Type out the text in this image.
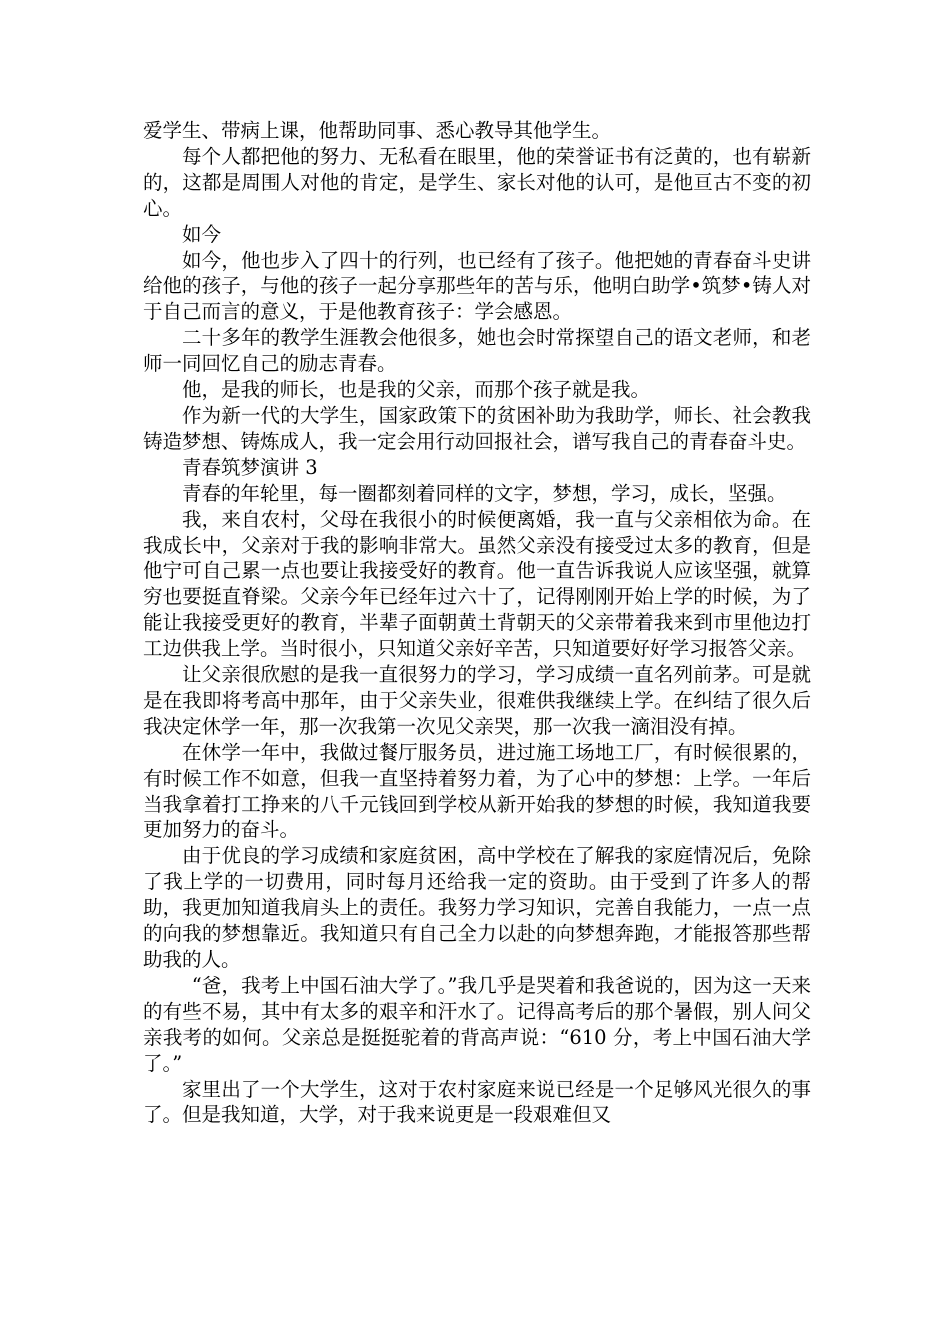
爱学生、带病上课，他帮助同事、悉心教导其他学生。

每个人都把他的努力、无私看在眼里，他的荣誉证书有泛黄的，也有崭新的，这都是周围人对他的肯定，是学生、家长对他的认可，是他亘古不变的初心。

如今

如今，他也步入了四十的行列，也已经有了孩子。他把她的青春奋斗史讲给他的孩子，与他的孩子一起分享那些年的苦与乐，他明白助学•筑梦•铸人对于自己而言的意义，于是他教育孩子：学会感恩。

二十多年的教学生涯教会他很多，她也会时常探望自己的语文老师，和老师一同回忆自己的励志青春。

他，是我的师长，也是我的父亲，而那个孩子就是我。

作为新一代的大学生，国家政策下的贫困补助为我助学，师长、社会教我铸造梦想、铸炼成人，我一定会用行动回报社会，谱写我自己的青春奋斗史。

青春筑梦演讲 3

青春的年轮里，每一圈都刻着同样的文字，梦想，学习，成长，坚强。

我，来自农村，父母在我很小的时候便离婚，我一直与父亲相依为命。在我成长中，父亲对于我的影响非常大。虽然父亲没有接受过太多的教育，但是他宁可自己累一点也要让我接受好的教育。他一直告诉我说人应该坚强，就算穷也要挺直脊梁。父亲今年已经年过六十了，记得刚刚开始上学的时候，为了能让我接受更好的教育，半辈子面朝黄土背朝天的父亲带着我来到市里他边打工边供我上学。当时很小，只知道父亲好辛苦，只知道要好好学习报答父亲。

让父亲很欣慰的是我一直很努力的学习，学习成绩一直名列前茅。可是就是在我即将考高中那年，由于父亲失业，很难供我继续上学。在纠结了很久后我决定休学一年，那一次我第一次见父亲哭，那一次我一滴泪没有掉。

在休学一年中，我做过餐厅服务员，进过施工场地工厂，有时候很累的，有时候工作不如意，但我一直坚持着努力着，为了心中的梦想：上学。一年后当我拿着打工挣来的八千元钱回到学校从新开始我的梦想的时候，我知道我要更加努力的奋斗。

由于优良的学习成绩和家庭贫困，高中学校在了解我的家庭情况后，免除了我上学的一切费用，同时每月还给我一定的资助。由于受到了许多人的帮助，我更加知道我肩头上的责任。我努力学习知识，完善自我能力，一点一点的向我的梦想靠近。我知道只有自己全力以赴的向梦想奔跑，才能报答那些帮助我的人。

“爸，我考上中国石油大学了。”我几乎是哭着和我爸说的，因为这一天来的有些不易，其中有太多的艰辛和汗水了。记得高考后的那个暑假，别人问父亲我考的如何。父亲总是挺挺驼着的背高声说：“610 分，考上中国石油大学了。”

家里出了一个大学生，这对于农村家庭来说已经是一个足够风光很久的事了。但是我知道，大学，对于我来说更是一段艰难但又
